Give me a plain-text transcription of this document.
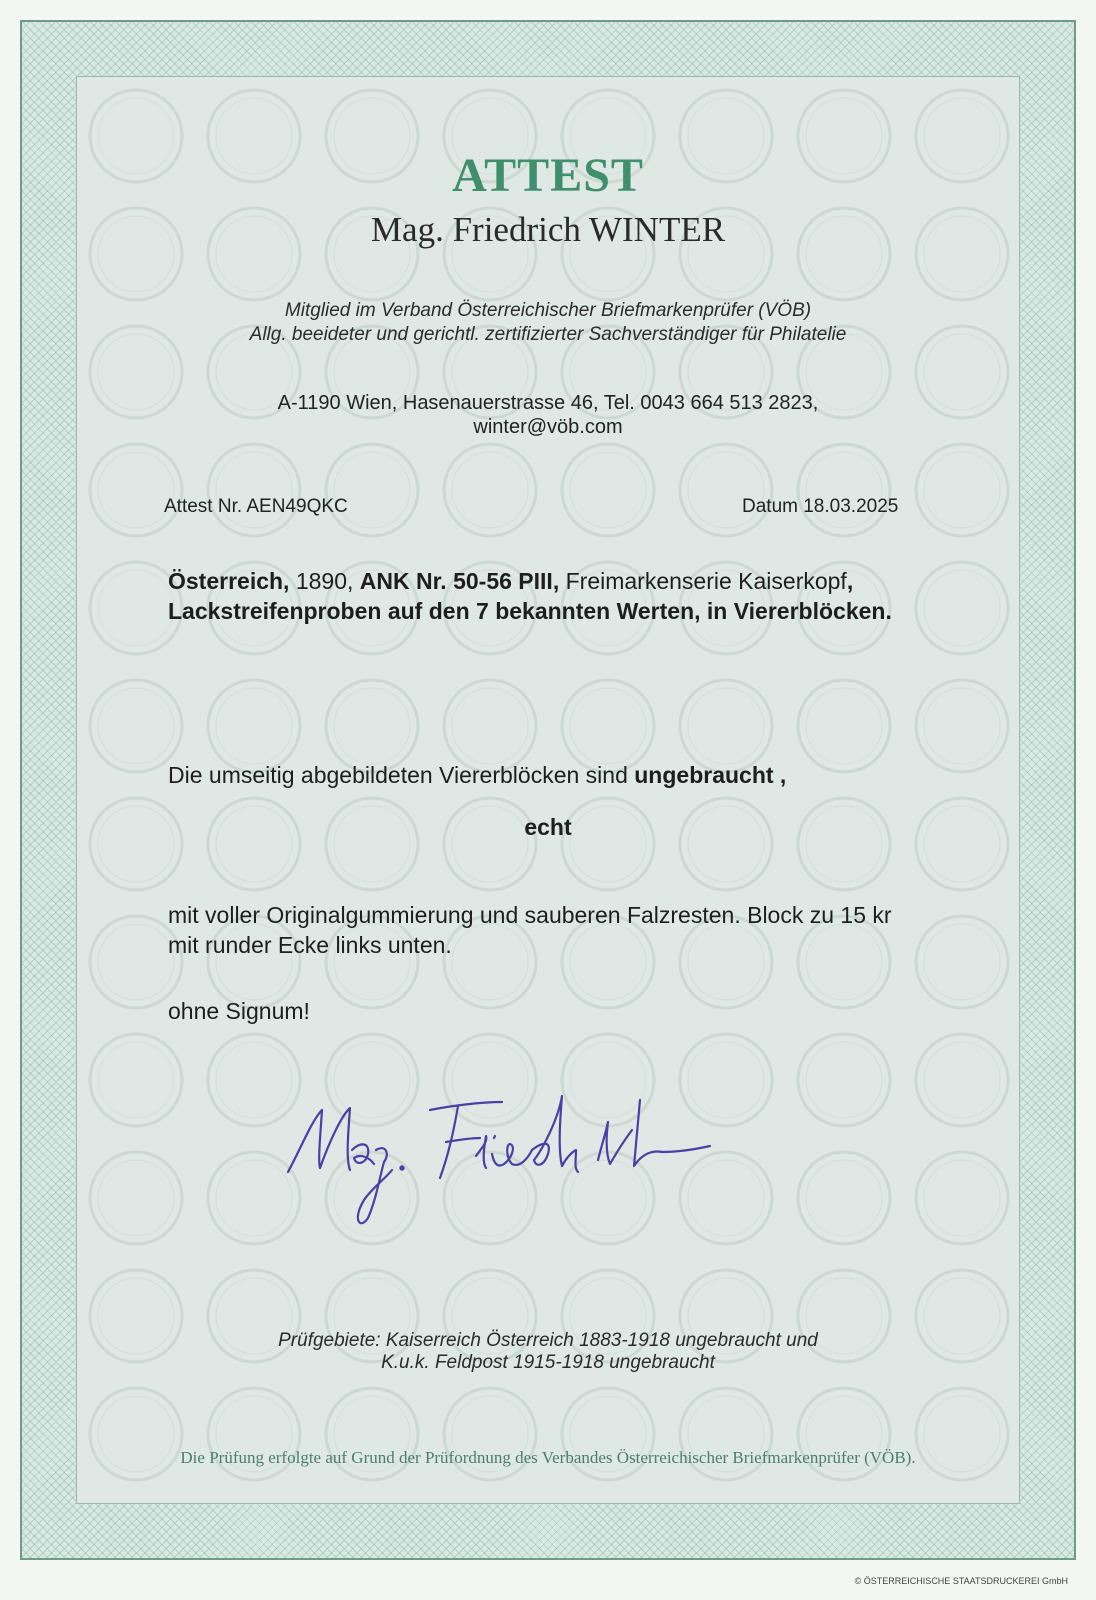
ATTEST
Mag. Friedrich WINTER

Mitglied im Verband Österreichischer Briefmarkenprüfer (VÖB)

Allg. beeideter und gerichtl. zertifizierter Sachverständiger für Philatelie

A-1190 Wien, Hasenauerstrasse 46, Tel. 0043 664 513 2823,

winter@vöb.com

Attest Nr. AEN49QKC	Datum 18.03.2025

Österreich, 1890, ANK Nr. 50-56 PIII, Freimarkenserie Kaiserkopf, Lackstreifenproben auf den 7 bekannten Werten, in Viererblöcken.

Die umseitig abgebildeten Viererblöcken sind ungebraucht ,

echt

mit voller Originalgummierung und sauberen Falzresten. Block zu 15 kr mit runder Ecke links unten.

ohne Signum!

Prüfgebiete: Kaiserreich Österreich 1883-1918 ungebraucht und

K.u.k. Feldpost 1915-1918 ungebraucht

Die Prüfung erfolgte auf Grund der Prüfordnung des Verbandes Österreichischer Briefmarkenprüfer (VÖB).

© ÖSTERREICHISCHE STAATSDRUCKEREI GmbH
